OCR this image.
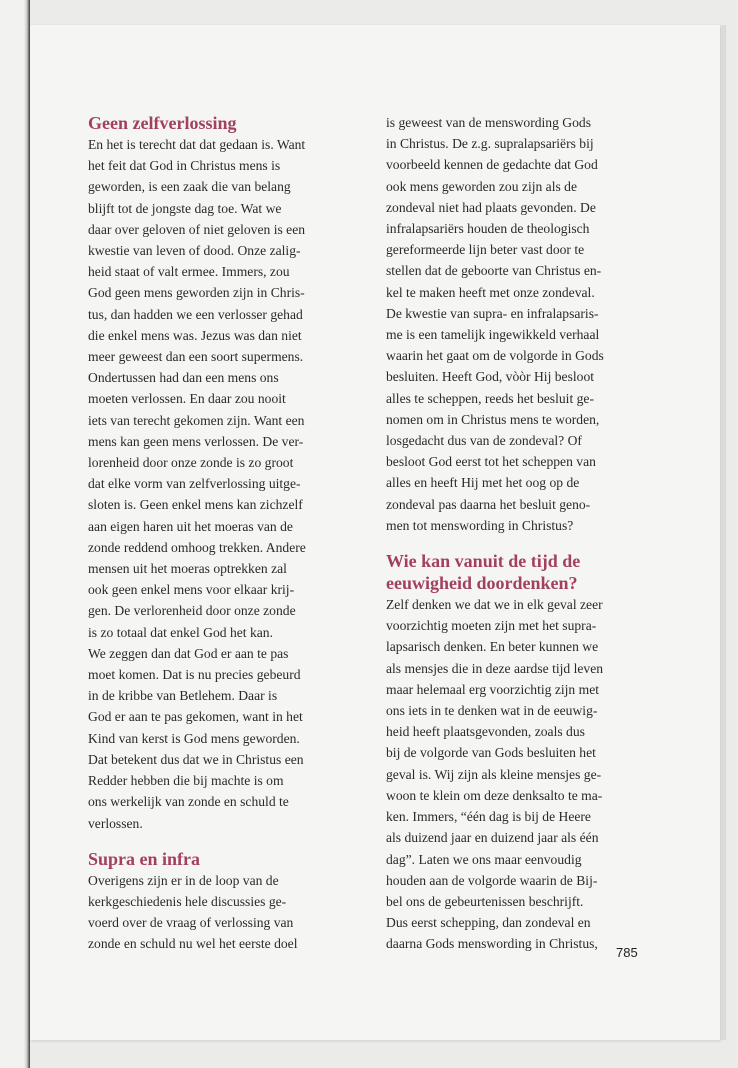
Geen zelfverlossing

En het is terecht dat dat gedaan is. Want

het feit dat God in Christus mens is

geworden, is een zaak die van belang

blijft tot de jongste dag toe. Wat we

daar over geloven of niet geloven is een

kwestie van leven of dood. Onze zalig-

heid staat of valt ermee. Immers, zou

God geen mens geworden zijn in Chris-

tus, dan hadden we een verlosser gehad

die enkel mens was. Jezus was dan niet

meer geweest dan een soort supermens.

Ondertussen had dan een mens ons

moeten verlossen. En daar zou nooit

iets van terecht gekomen zijn. Want een

mens kan geen mens verlossen. De ver-

lorenheid door onze zonde is zo groot

dat elke vorm van zelfverlossing uitge-

sloten is. Geen enkel mens kan zichzelf

aan eigen haren uit het moeras van de

zonde reddend omhoog trekken. Andere

mensen uit het moeras optrekken zal

ook geen enkel mens voor elkaar krij-

gen. De verlorenheid door onze zonde

is zo totaal dat enkel God het kan.

We zeggen dan dat God er aan te pas

moet komen. Dat is nu precies gebeurd

in de kribbe van Betlehem. Daar is

God er aan te pas gekomen, want in het

Kind van kerst is God mens geworden.

Dat betekent dus dat we in Christus een

Redder hebben die bij machte is om

ons werkelijk van zonde en schuld te

verlossen.

Supra en infra

Overigens zijn er in de loop van de

kerkgeschiedenis hele discussies ge-

voerd over de vraag of verlossing van

zonde en schuld nu wel het eerste doel

is geweest van de menswording Gods

in Christus. De z.g. supralapsariërs bij

voorbeeld kennen de gedachte dat God

ook mens geworden zou zijn als de

zondeval niet had plaats gevonden. De

infralapsariërs houden de theologisch

gereformeerde lijn beter vast door te

stellen dat de geboorte van Christus en-

kel te maken heeft met onze zondeval.

De kwestie van supra- en infralapsaris-

me is een tamelijk ingewikkeld verhaal

waarin het gaat om de volgorde in Gods

besluiten. Heeft God, vòòr Hij besloot

alles te scheppen, reeds het besluit ge-

nomen om in Christus mens te worden,

losgedacht dus van de zondeval? Of

besloot God eerst tot het scheppen van

alles en heeft Hij met het oog op de

zondeval pas daarna het besluit geno-

men tot menswording in Christus?

Wie kan vanuit de tijd de
eeuwigheid doordenken?

Zelf denken we dat we in elk geval zeer

voorzichtig moeten zijn met het supra-

lapsarisch denken. En beter kunnen we

als mensjes die in deze aardse tijd leven

maar helemaal erg voorzichtig zijn met

ons iets in te denken wat in de eeuwig-

heid heeft plaatsgevonden, zoals dus

bij de volgorde van Gods besluiten het

geval is. Wij zijn als kleine mensjes ge-

woon te klein om deze denksalto te ma-

ken. Immers, “één dag is bij de Heere

als duizend jaar en duizend jaar als één

dag”. Laten we ons maar eenvoudig

houden aan de volgorde waarin de Bij-

bel ons de gebeurtenissen beschrijft.

Dus eerst schepping, dan zondeval en

daarna Gods menswording in Christus,

785
